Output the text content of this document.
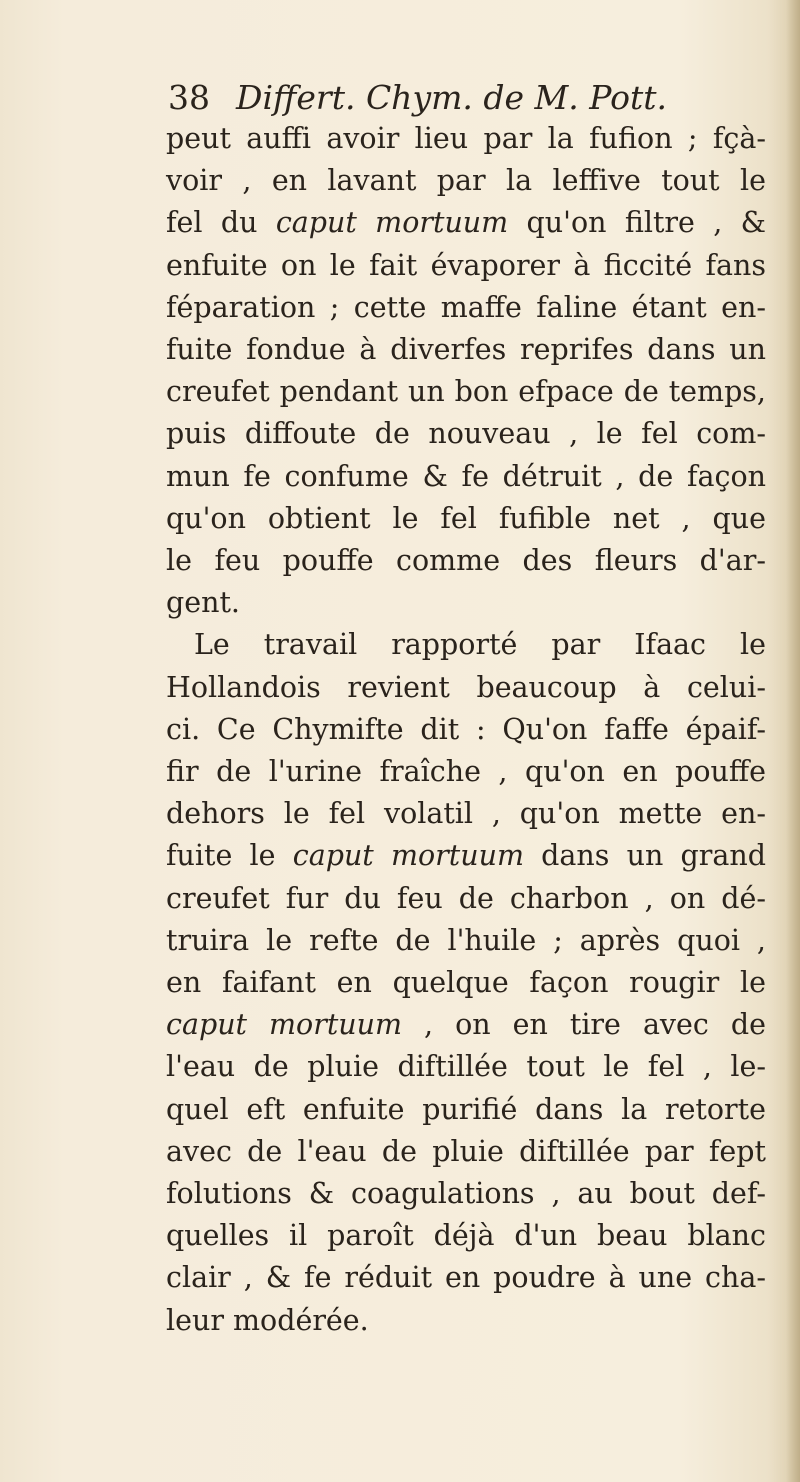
38 Differt. Chym. de M. Pott.
peut auffi avoir lieu par la fufion ; fçà-
voir , en lavant par la leffive tout le
fel du caput mortuum qu'on filtre , &
enfuite on le fait évaporer à ficcité fans
féparation ; cette maffe faline étant en-
fuite fondue à diverfes reprifes dans un
creufet pendant un bon efpace de temps,
puis diffoute de nouveau , le fel com-
mun fe confume & fe détruit , de façon
qu'on obtient le fel fufible net , que
le feu pouffe comme des fleurs d'ar-
gent.
Le travail rapporté par Ifaac le
Hollandois revient beaucoup à celui-
ci. Ce Chymifte dit : Qu'on faffe épaif-
fir de l'urine fraîche , qu'on en pouffe
dehors le fel volatil , qu'on mette en-
fuite le caput mortuum dans un grand
creufet fur du feu de charbon , on dé-
truira le refte de l'huile ; après quoi ,
en faifant en quelque façon rougir le
caput mortuum , on en tire avec de
l'eau de pluie diftillée tout le fel , le-
quel eft enfuite purifié dans la retorte
avec de l'eau de pluie diftillée par fept
folutions & coagulations , au bout def-
quelles il paroît déjà d'un beau blanc
clair , & fe réduit en poudre à une cha-
leur modérée.
